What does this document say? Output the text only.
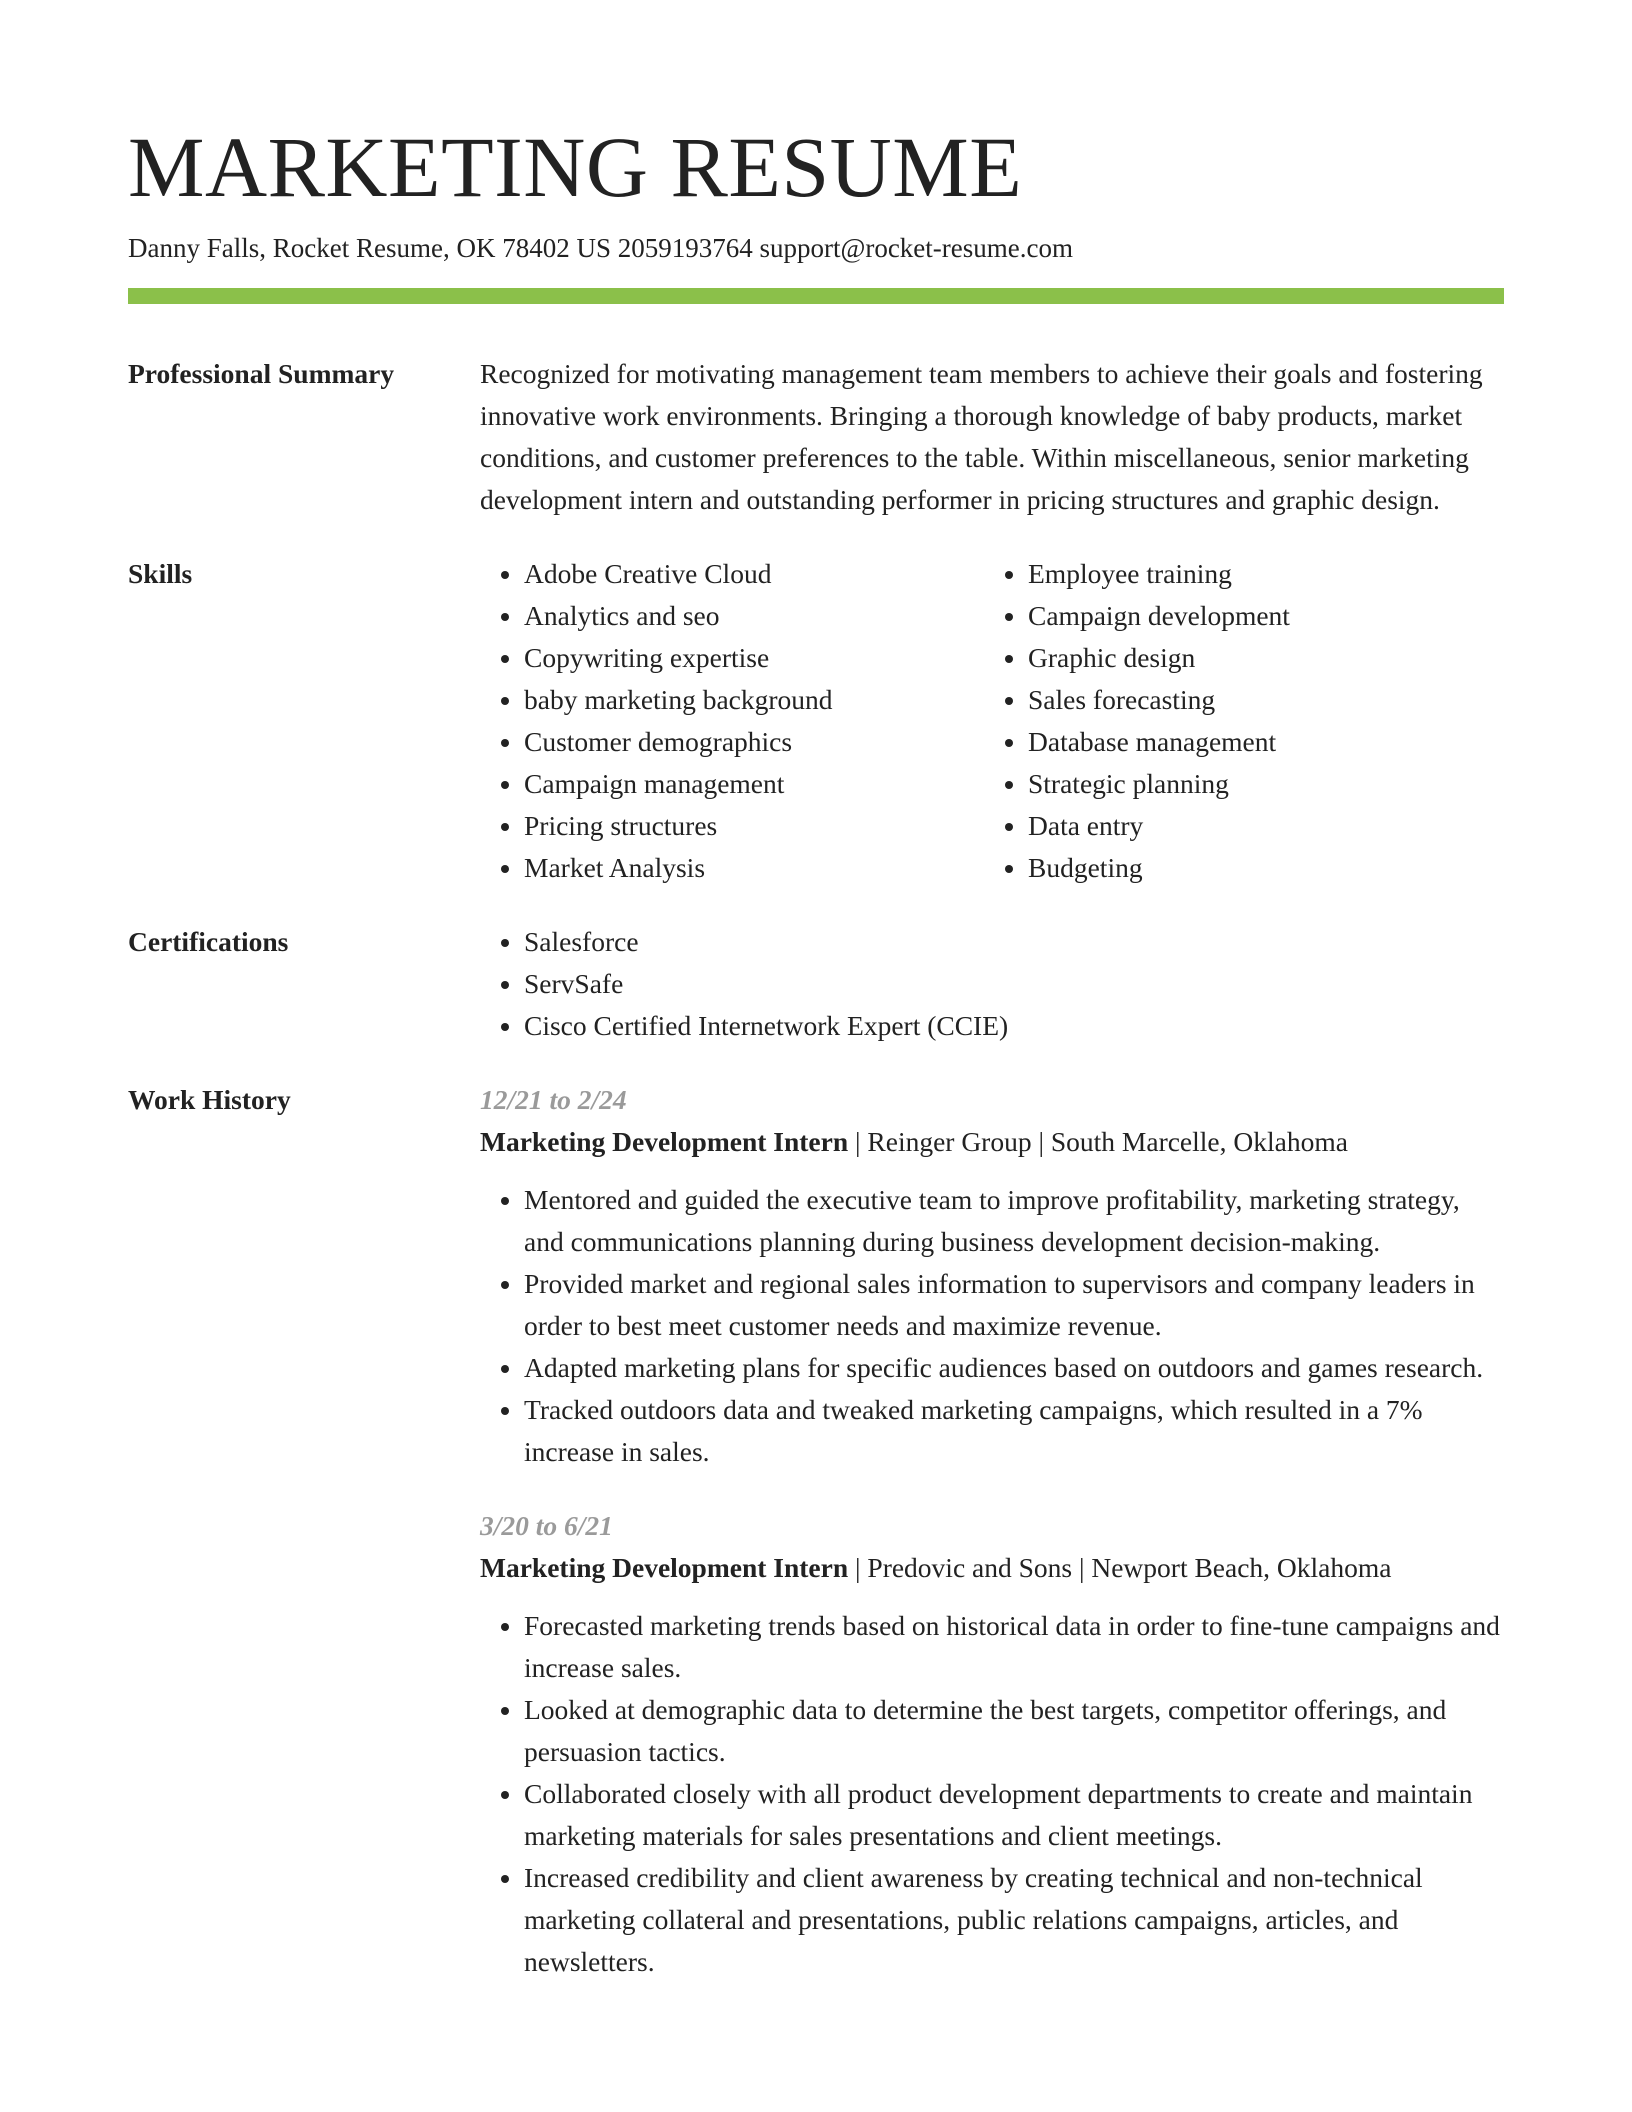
MARKETING RESUME
Danny Falls, Rocket Resume, OK 78402 US 2059193764 support@rocket-resume.com
Professional Summary	Recognized for motivating management team members to achieve their goals and fostering innovative work environments. Bringing a thorough knowledge of baby products, market conditions, and customer preferences to the table. Within miscellaneous, senior marketing development intern and outstanding performer in pricing structures and graphic design.
Skills	• Adobe Creative Cloud
• Analytics and seo
• Copywriting expertise
• baby marketing background
• Customer demographics
• Campaign management
• Pricing structures
• Market Analysis
• Employee training
• Campaign development
• Graphic design
• Sales forecasting
• Database management
• Strategic planning
• Data entry
• Budgeting
Certifications	• Salesforce
• ServSafe
• Cisco Certified Internetwork Expert (CCIE)
Work History	12/21 to 2/24
Marketing Development Intern | Reinger Group | South Marcelle, Oklahoma
• Mentored and guided the executive team to improve profitability, marketing strategy, and communications planning during business development decision-making.
• Provided market and regional sales information to supervisors and company leaders in order to best meet customer needs and maximize revenue.
• Adapted marketing plans for specific audiences based on outdoors and games research.
• Tracked outdoors data and tweaked marketing campaigns, which resulted in a 7% increase in sales.
3/20 to 6/21
Marketing Development Intern | Predovic and Sons | Newport Beach, Oklahoma
• Forecasted marketing trends based on historical data in order to fine-tune campaigns and increase sales.
• Looked at demographic data to determine the best targets, competitor offerings, and persuasion tactics.
• Collaborated closely with all product development departments to create and maintain marketing materials for sales presentations and client meetings.
• Increased credibility and client awareness by creating technical and non-technical marketing collateral and presentations, public relations campaigns, articles, and newsletters.
